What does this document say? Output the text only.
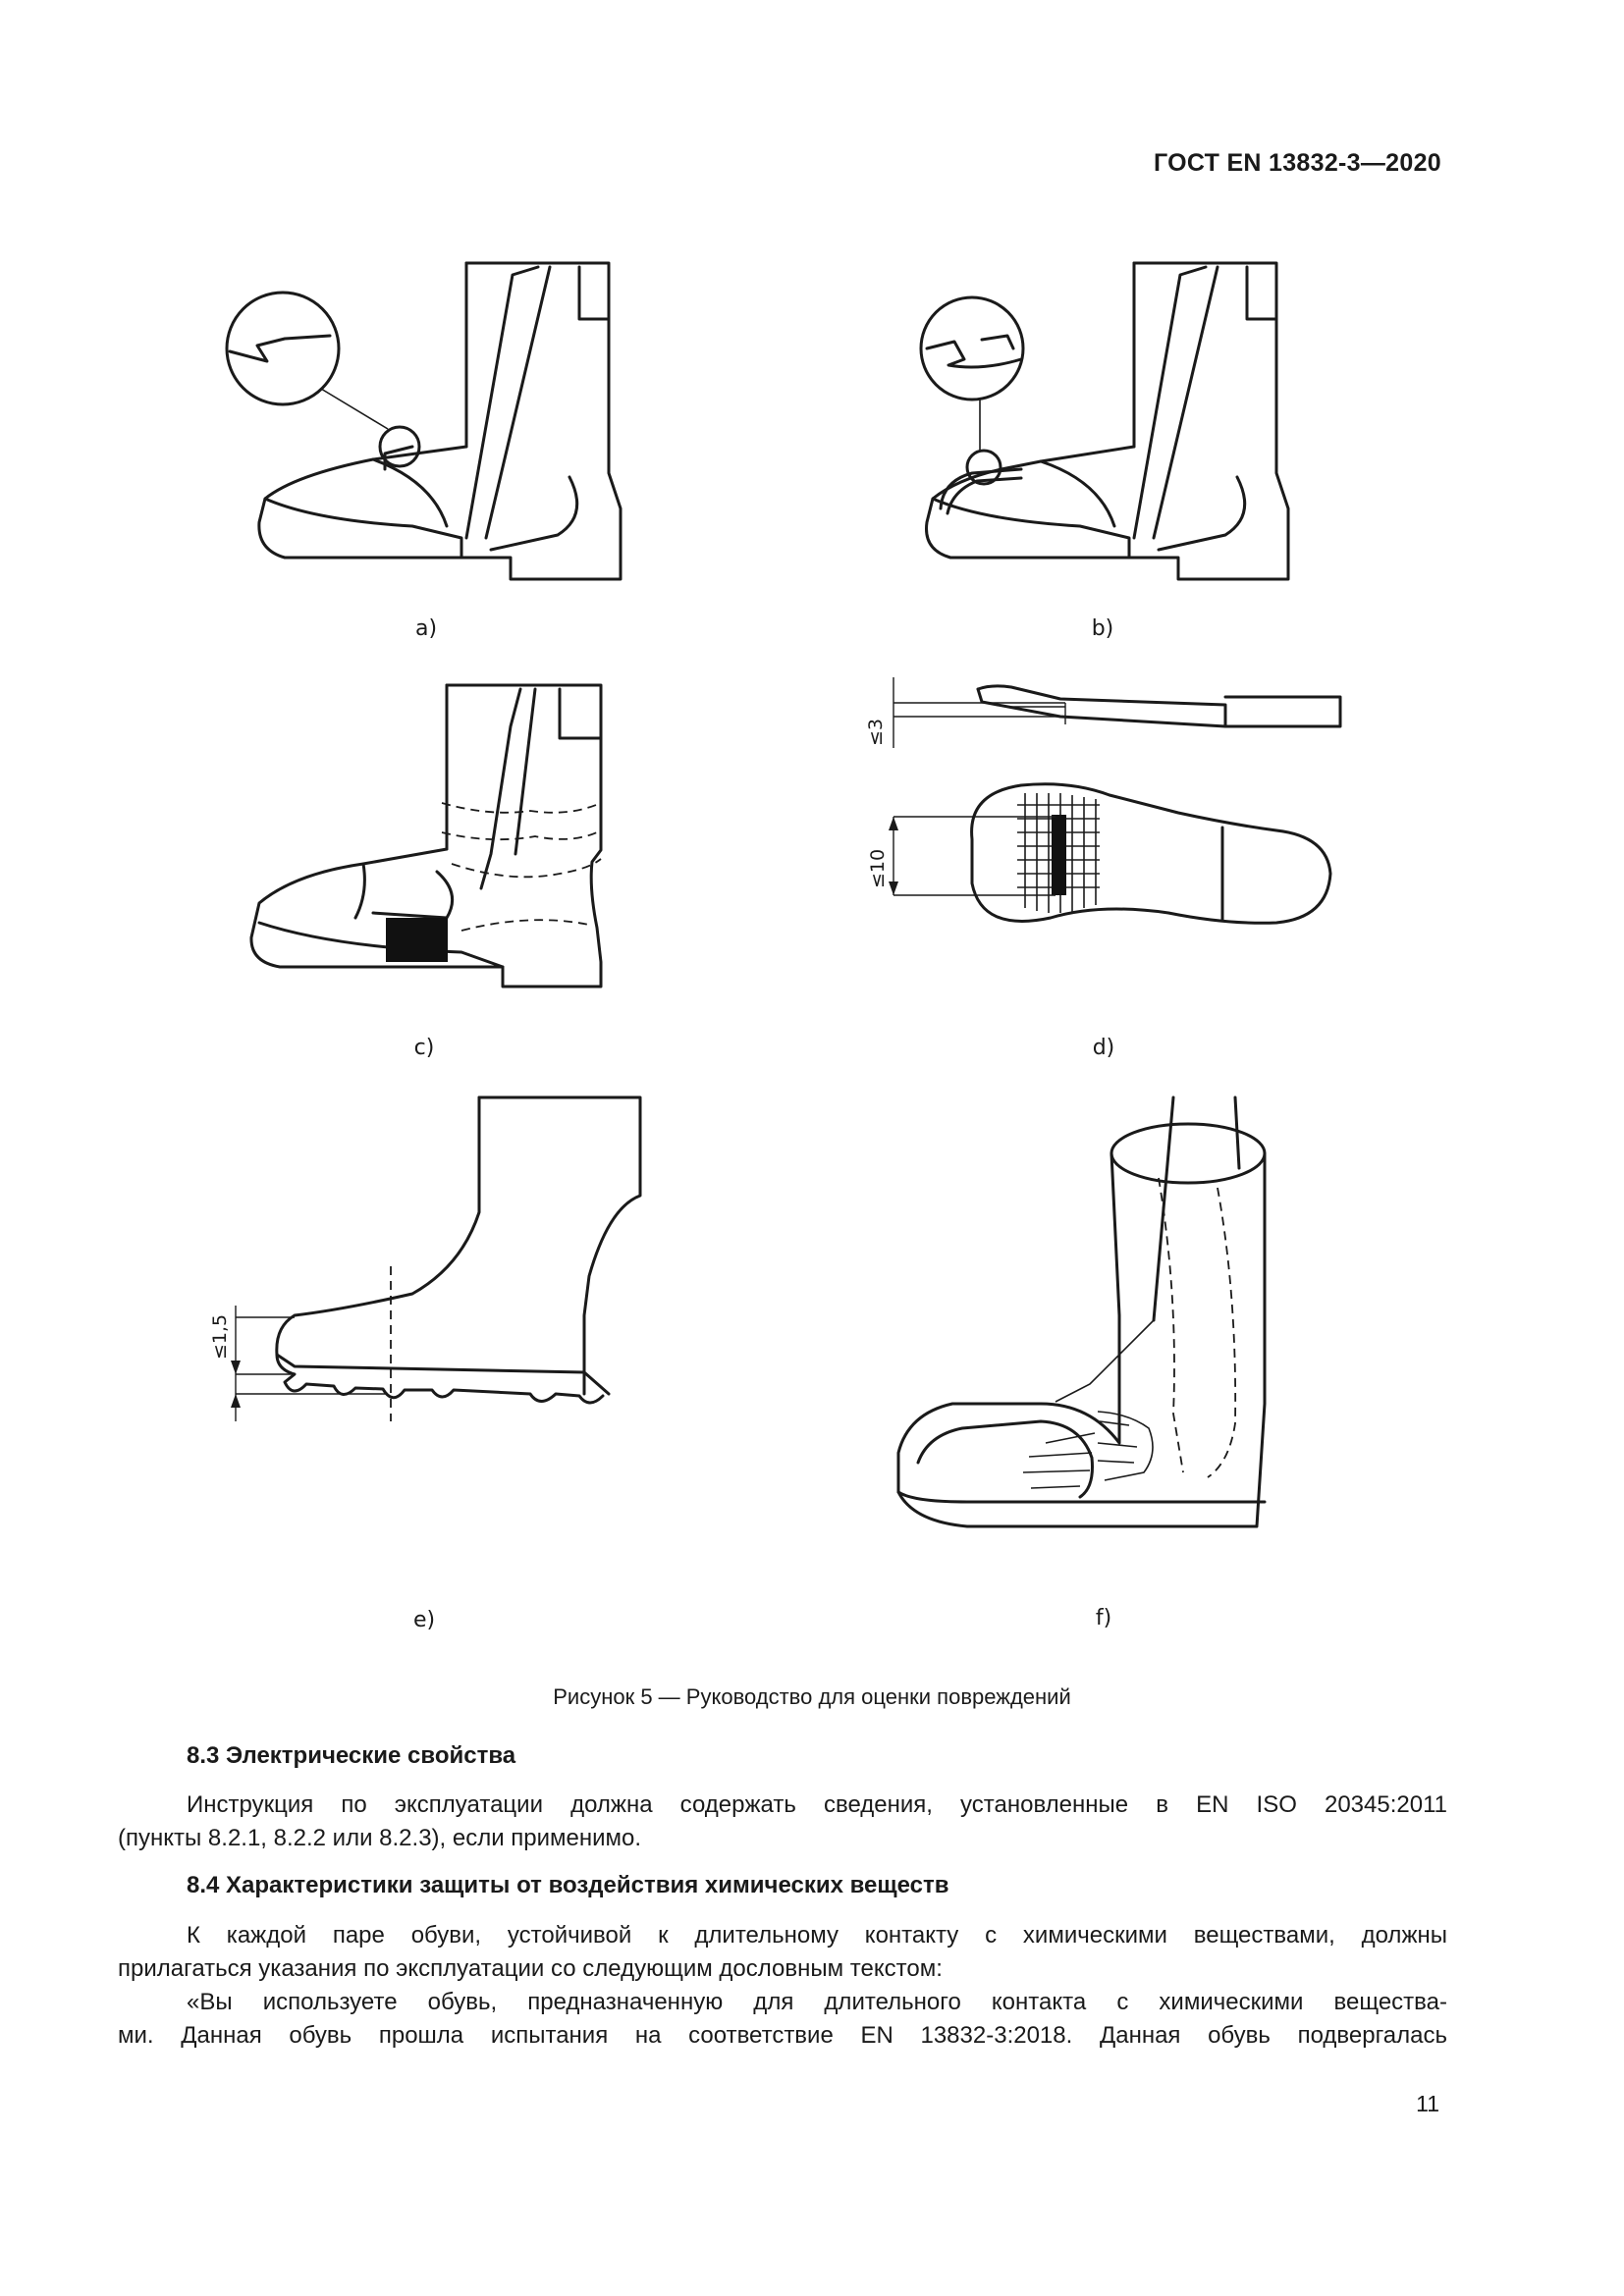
ГОСТ EN 13832-3—2020
≤3
≤10
≤1,5
a)	b)
c)	d)
e)	f)
Рисунок 5 — Руководство для оценки повреждений
8.3 Электрические свойства
Инструкция по эксплуатации должна содержать сведения, установленные в EN ISO 20345:2011
(пункты 8.2.1, 8.2.2 или 8.2.3), если применимо.
8.4 Характеристики защиты от воздействия химических веществ
К каждой паре обуви, устойчивой к длительному контакту с химическими веществами, должны
прилагаться указания по эксплуатации со следующим дословным текстом:
«Вы используете обувь, предназначенную для длительного контакта с химическими вещества-
ми. Данная обувь прошла испытания на соответствие EN 13832-3:2018. Данная обувь подвергалась
11
